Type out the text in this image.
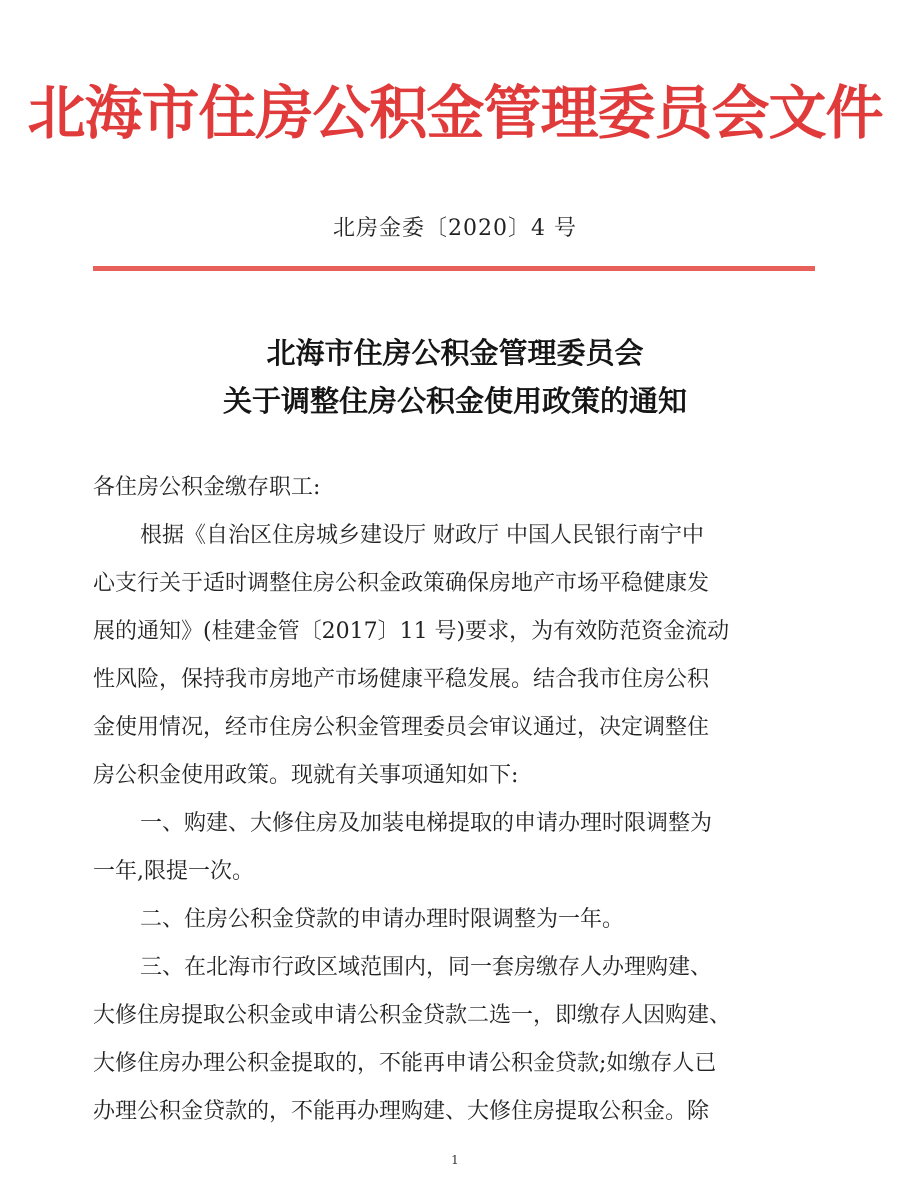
北海市住房公积金管理委员会文件
北房金委〔2020〕4 号
北海市住房公积金管理委员会
关于调整住房公积金使用政策的通知
各住房公积金缴存职工:
根据《自治区住房城乡建设厅 财政厅 中国人民银行南宁中
心支行关于适时调整住房公积金政策确保房地产市场平稳健康发
展的通知》(桂建金管〔2017〕11 号)要求，为有效防范资金流动
性风险，保持我市房地产市场健康平稳发展。结合我市住房公积
金使用情况，经市住房公积金管理委员会审议通过，决定调整住
房公积金使用政策。现就有关事项通知如下:
一、购建、大修住房及加装电梯提取的申请办理时限调整为
一年,限提一次。
二、住房公积金贷款的申请办理时限调整为一年。
三、在北海市行政区域范围内，同一套房缴存人办理购建、
大修住房提取公积金或申请公积金贷款二选一，即缴存人因购建、
大修住房办理公积金提取的，不能再申请公积金贷款;如缴存人已
办理公积金贷款的，不能再办理购建、大修住房提取公积金。除
1
